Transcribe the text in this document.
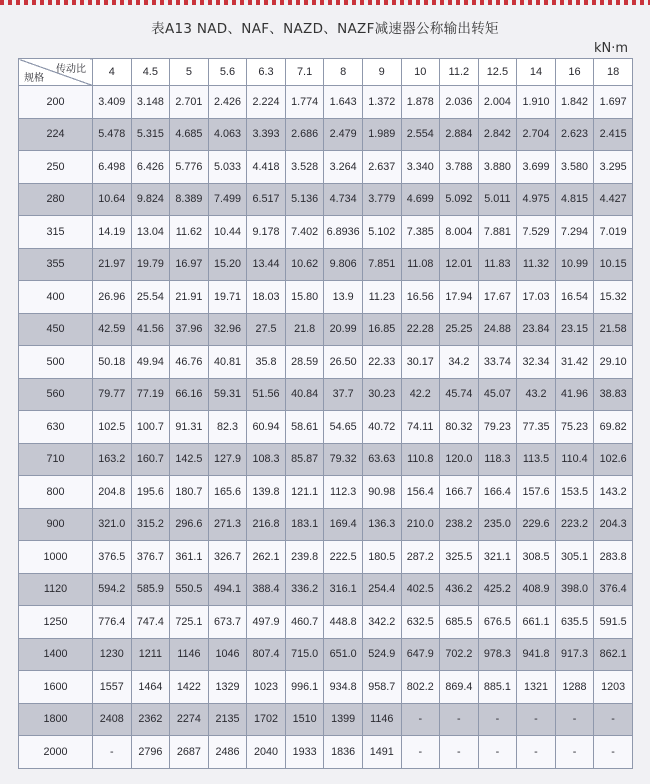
表A13 NAD、NAF、NAZD、NAZF减速器公称输出转矩
kN·m
传动比
规格	4	4.5	5	5.6	6.3	7.1	8	9	10	11.2	12.5	14	16	18
200	3.409	3.148	2.701	2.426	2.224	1.774	1.643	1.372	1.878	2.036	2.004	1.910	1.842	1.697
224	5.478	5.315	4.685	4.063	3.393	2.686	2.479	1.989	2.554	2.884	2.842	2.704	2.623	2.415
250	6.498	6.426	5.776	5.033	4.418	3.528	3.264	2.637	3.340	3.788	3.880	3.699	3.580	3.295
280	10.64	9.824	8.389	7.499	6.517	5.136	4.734	3.779	4.699	5.092	5.011	4.975	4.815	4.427
315	14.19	13.04	11.62	10.44	9.178	7.402	6.8936	5.102	7.385	8.004	7.881	7.529	7.294	7.019
355	21.97	19.79	16.97	15.20	13.44	10.62	9.806	7.851	11.08	12.01	11.83	11.32	10.99	10.15
400	26.96	25.54	21.91	19.71	18.03	15.80	13.9	11.23	16.56	17.94	17.67	17.03	16.54	15.32
450	42.59	41.56	37.96	32.96	27.5	21.8	20.99	16.85	22.28	25.25	24.88	23.84	23.15	21.58
500	50.18	49.94	46.76	40.81	35.8	28.59	26.50	22.33	30.17	34.2	33.74	32.34	31.42	29.10
560	79.77	77.19	66.16	59.31	51.56	40.84	37.7	30.23	42.2	45.74	45.07	43.2	41.96	38.83
630	102.5	100.7	91.31	82.3	60.94	58.61	54.65	40.72	74.11	80.32	79.23	77.35	75.23	69.82
710	163.2	160.7	142.5	127.9	108.3	85.87	79.32	63.63	110.8	120.0	118.3	113.5	110.4	102.6
800	204.8	195.6	180.7	165.6	139.8	121.1	112.3	90.98	156.4	166.7	166.4	157.6	153.5	143.2
900	321.0	315.2	296.6	271.3	216.8	183.1	169.4	136.3	210.0	238.2	235.0	229.6	223.2	204.3
1000	376.5	376.7	361.1	326.7	262.1	239.8	222.5	180.5	287.2	325.5	321.1	308.5	305.1	283.8
1120	594.2	585.9	550.5	494.1	388.4	336.2	316.1	254.4	402.5	436.2	425.2	408.9	398.0	376.4
1250	776.4	747.4	725.1	673.7	497.9	460.7	448.8	342.2	632.5	685.5	676.5	661.1	635.5	591.5
1400	1230	1211	1146	1046	807.4	715.0	651.0	524.9	647.9	702.2	978.3	941.8	917.3	862.1
1600	1557	1464	1422	1329	1023	996.1	934.8	958.7	802.2	869.4	885.1	1321	1288	1203
1800	2408	2362	2274	2135	1702	1510	1399	1146	-	-	-	-	-	-
2000	-	2796	2687	2486	2040	1933	1836	1491	-	-	-	-	-	-
